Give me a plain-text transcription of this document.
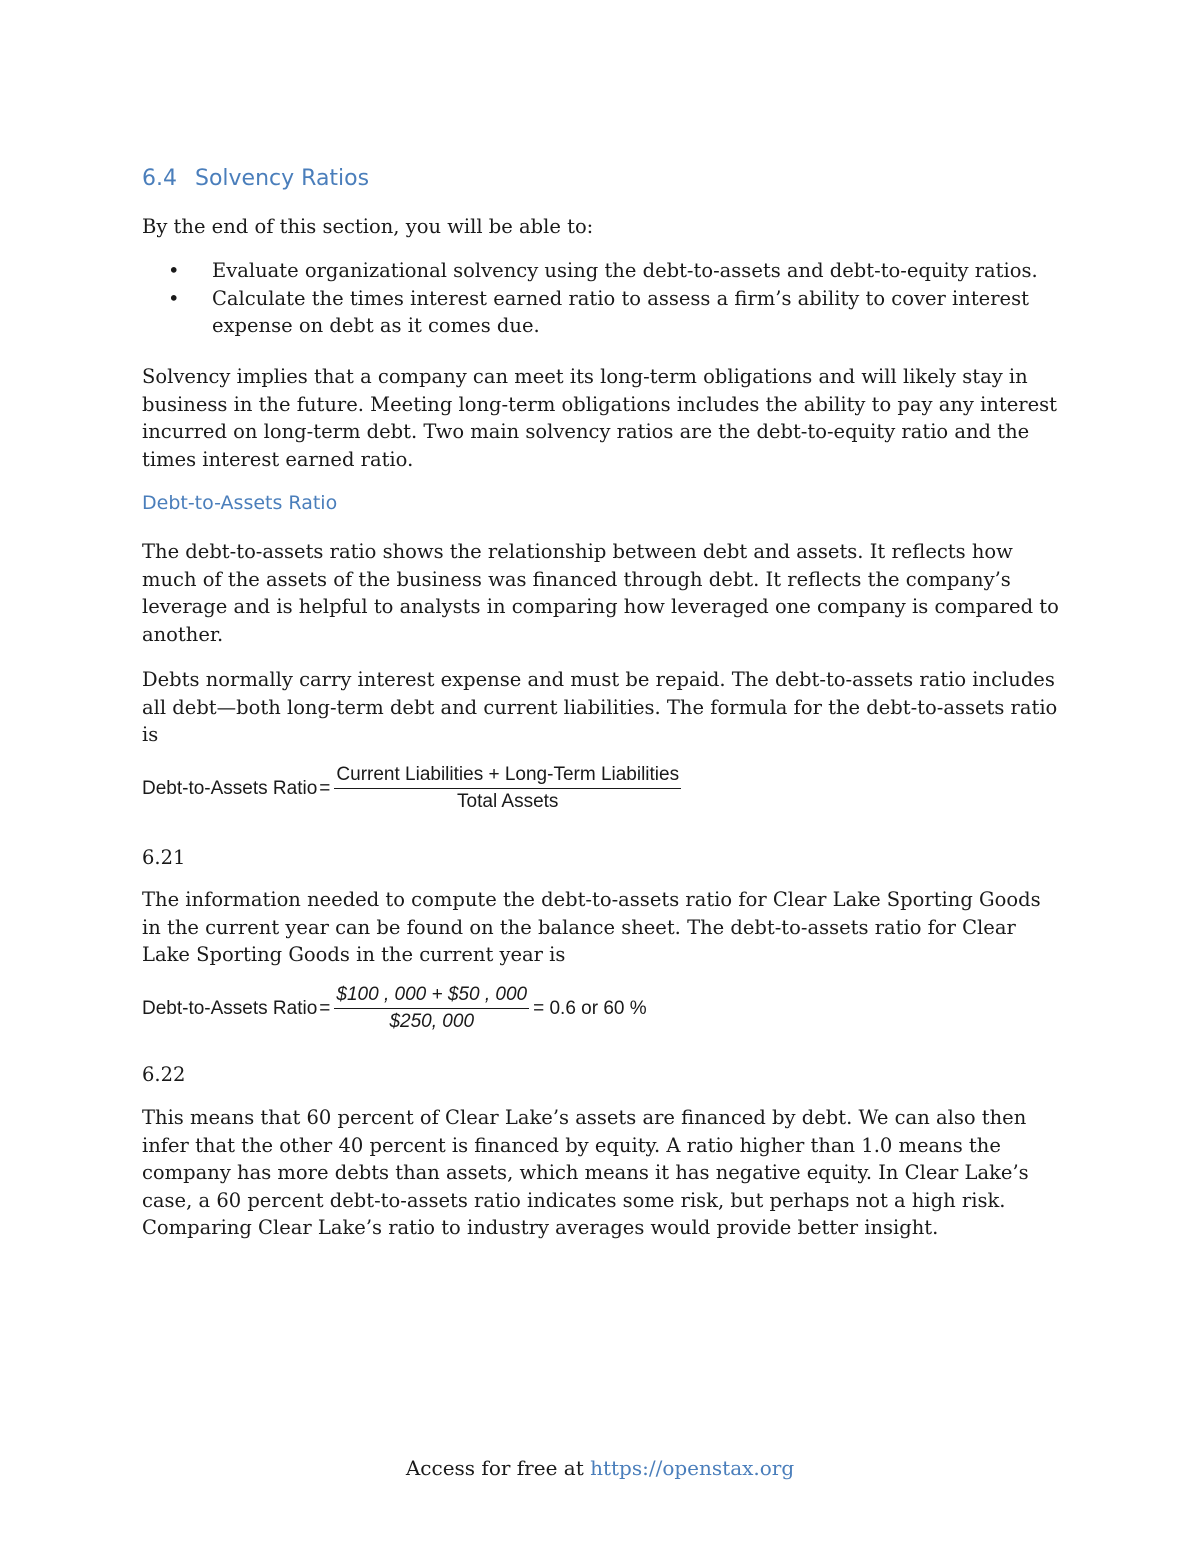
6.4 Solvency Ratios

By the end of this section, you will be able to:

• Evaluate organizational solvency using the debt-to-assets and debt-to-equity ratios.
• Calculate the times interest earned ratio to assess a firm’s ability to cover interest expense on debt as it comes due.

Solvency implies that a company can meet its long-term obligations and will likely stay in business in the future. Meeting long-term obligations includes the ability to pay any interest incurred on long-term debt. Two main solvency ratios are the debt-to-equity ratio and the times interest earned ratio.

Debt-to-Assets Ratio

The debt-to-assets ratio shows the relationship between debt and assets. It reflects how much of the assets of the business was financed through debt. It reflects the company’s leverage and is helpful to analysts in comparing how leveraged one company is compared to another.

Debts normally carry interest expense and must be repaid. The debt-to-assets ratio includes all debt—both long-term debt and current liabilities. The formula for the debt-to-assets ratio is

Debt-to-Assets Ratio = $\frac{\text{Current Liabilities + Long-Term Liabilities}}{\text{Total Assets}}$

6.21

The information needed to compute the debt-to-assets ratio for Clear Lake Sporting Goods in the current year can be found on the balance sheet. The debt-to-assets ratio for Clear Lake Sporting Goods in the current year is

Debt-to-Assets Ratio = $\frac{\$100 , 000 + \$50 , 000}{\$250, 000} = 0.6$ or 60 %

6.22

This means that 60 percent of Clear Lake’s assets are financed by debt. We can also then infer that the other 40 percent is financed by equity. A ratio higher than 1.0 means the company has more debts than assets, which means it has negative equity. In Clear Lake’s case, a 60 percent debt-to-assets ratio indicates some risk, but perhaps not a high risk. Comparing Clear Lake’s ratio to industry averages would provide better insight.

Access for free at https://openstax.org
